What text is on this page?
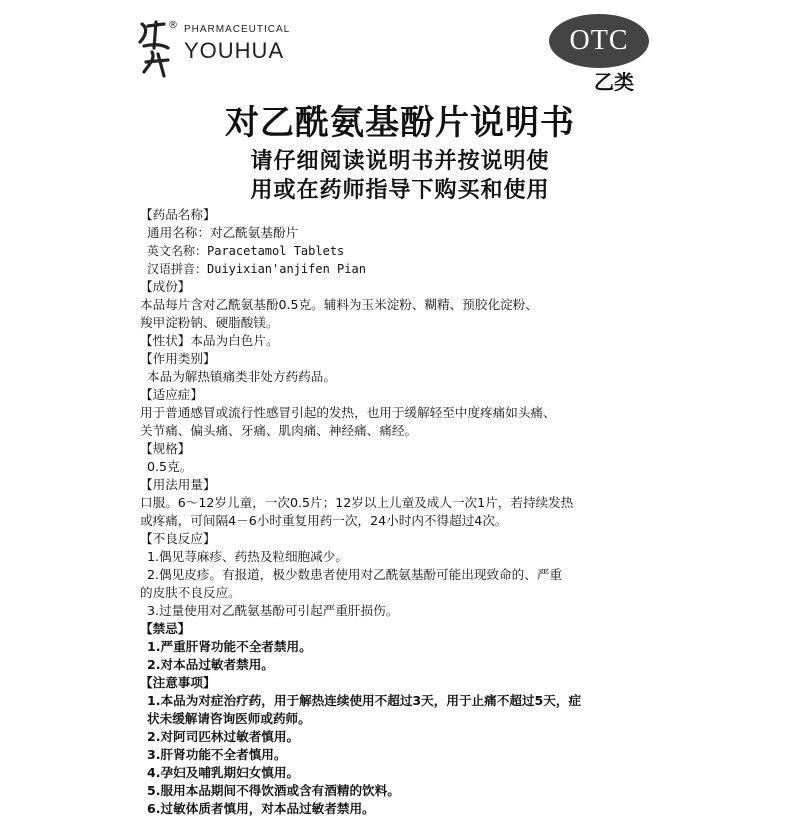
® PHARMACEUTICAL
YOUHUA	OTC
乙类
对乙酰氨基酚片说明书
请仔细阅读说明书并按说明使
用或在药师指导下购买和使用

【药品名称】

通用名称：对乙酰氨基酚片

英文名称：Paracetamol Tablets

汉语拼音：Duiyixian'anjifen Pian

【成份】

本品每片含对乙酰氨基酚0.5克。辅料为玉米淀粉、糊精、预胶化淀粉、

羧甲淀粉钠、硬脂酸镁。

【性状】本品为白色片。

【作用类别】

本品为解热镇痛类非处方药药品。

【适应症】

用于普通感冒或流行性感冒引起的发热，也用于缓解轻至中度疼痛如头痛、

关节痛、偏头痛、牙痛、肌肉痛、神经痛、痛经。

【规格】

0.5克。

【用法用量】

口服。6～12岁儿童，一次0.5片；12岁以上儿童及成人一次1片，若持续发热

或疼痛，可间隔4－6小时重复用药一次，24小时内不得超过4次。

【不良反应】

1.偶见荨麻疹、药热及粒细胞减少。

2.偶见皮疹。有报道，极少数患者使用对乙酰氨基酚可能出现致命的、严重

的皮肤不良反应。

3.过量使用对乙酰氨基酚可引起严重肝损伤。

【禁忌】

1.严重肝肾功能不全者禁用。

2.对本品过敏者禁用。

【注意事项】

1.本品为对症治疗药，用于解热连续使用不超过3天，用于止痛不超过5天，症

状未缓解请咨询医师或药师。

2.对阿司匹林过敏者慎用。

3.肝肾功能不全者慎用。

4.孕妇及哺乳期妇女慎用。

5.服用本品期间不得饮酒或含有酒精的饮料。

6.过敏体质者慎用，对本品过敏者禁用。
